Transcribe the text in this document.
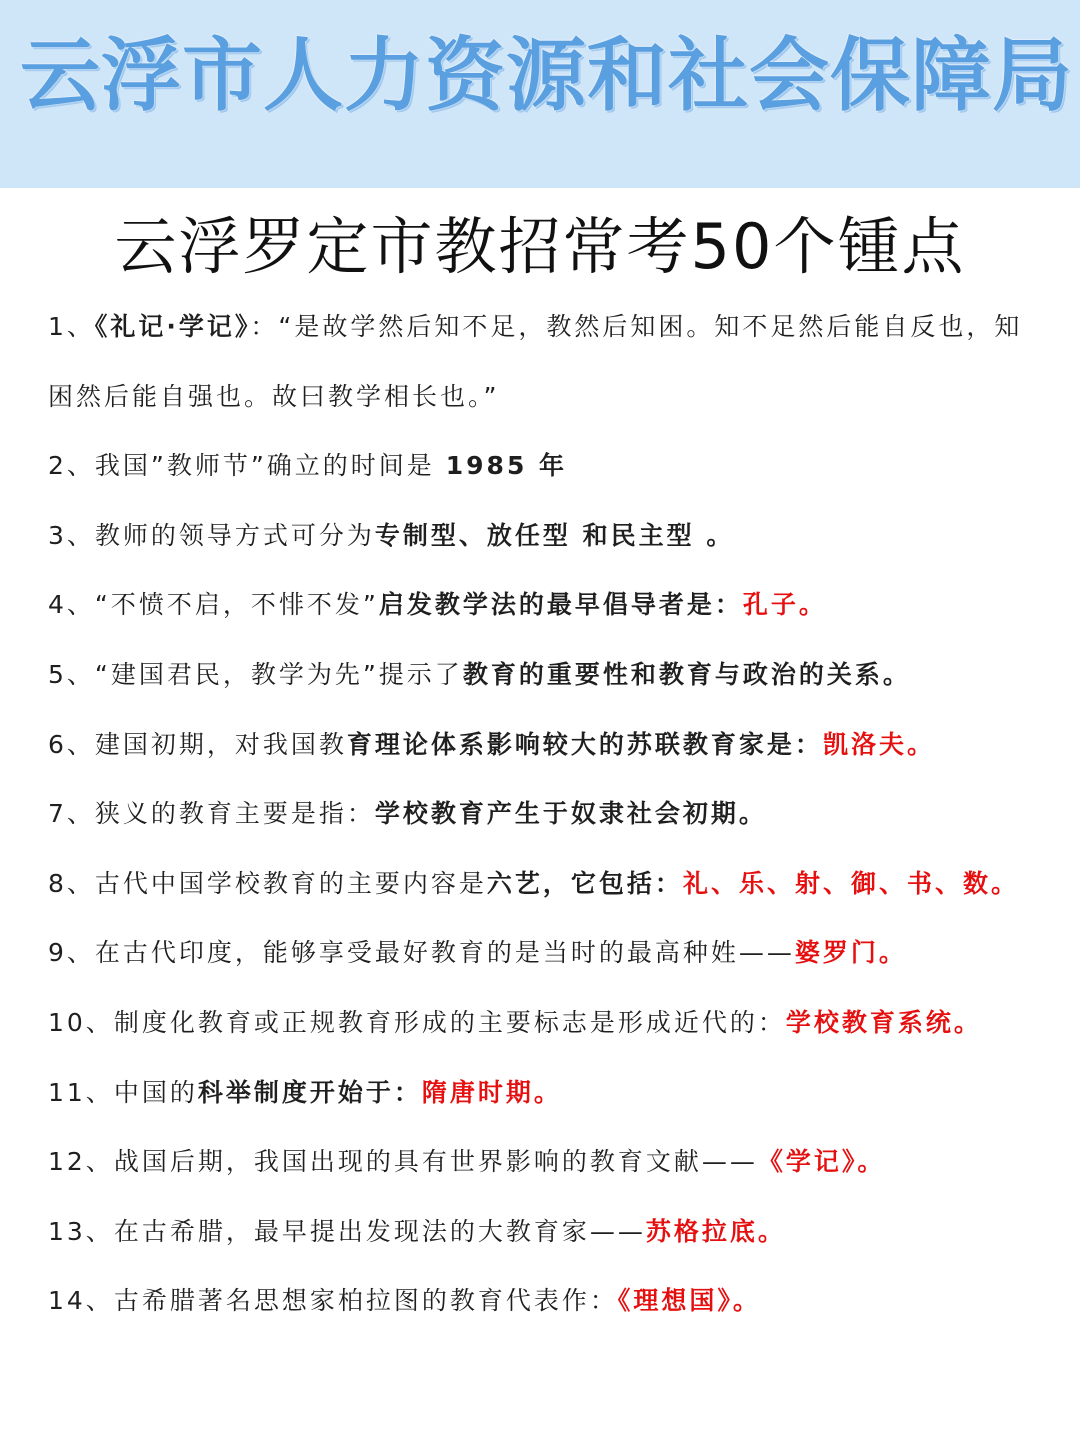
云浮市人力资源和社会保障局
云浮罗定市教招常考50个锺点
1、《礼记·学记》：“是故学然后知不足，教然后知困。知不足然后能自反也，知困然后能自强也。故曰教学相长也。”
2、我国”教师节”确立的时间是 1985 年
3、教师的领导方式可分为专制型、放任型 和民主型 。
4、“不愤不启，不悱不发”启发教学法的最早倡导者是：孔子。
5、“建国君民，教学为先”提示了教育的重要性和教育与政治的关系。
6、建国初期，对我国教育理论体系影响较大的苏联教育家是：凯洛夫。
7、狭义的教育主要是指：学校教育产生于奴隶社会初期。
8、古代中国学校教育的主要内容是六艺，它包括：礼、乐、射、御、书、数。
9、在古代印度，能够享受最好教育的是当时的最高种姓——婆罗门。
10、制度化教育或正规教育形成的主要标志是形成近代的：学校教育系统。
11、中国的科举制度开始于：隋唐时期。
12、战国后期，我国出现的具有世界影响的教育文献——《学记》。
13、在古希腊，最早提出发现法的大教育家——苏格拉底。
14、古希腊著名思想家柏拉图的教育代表作：《理想国》。
